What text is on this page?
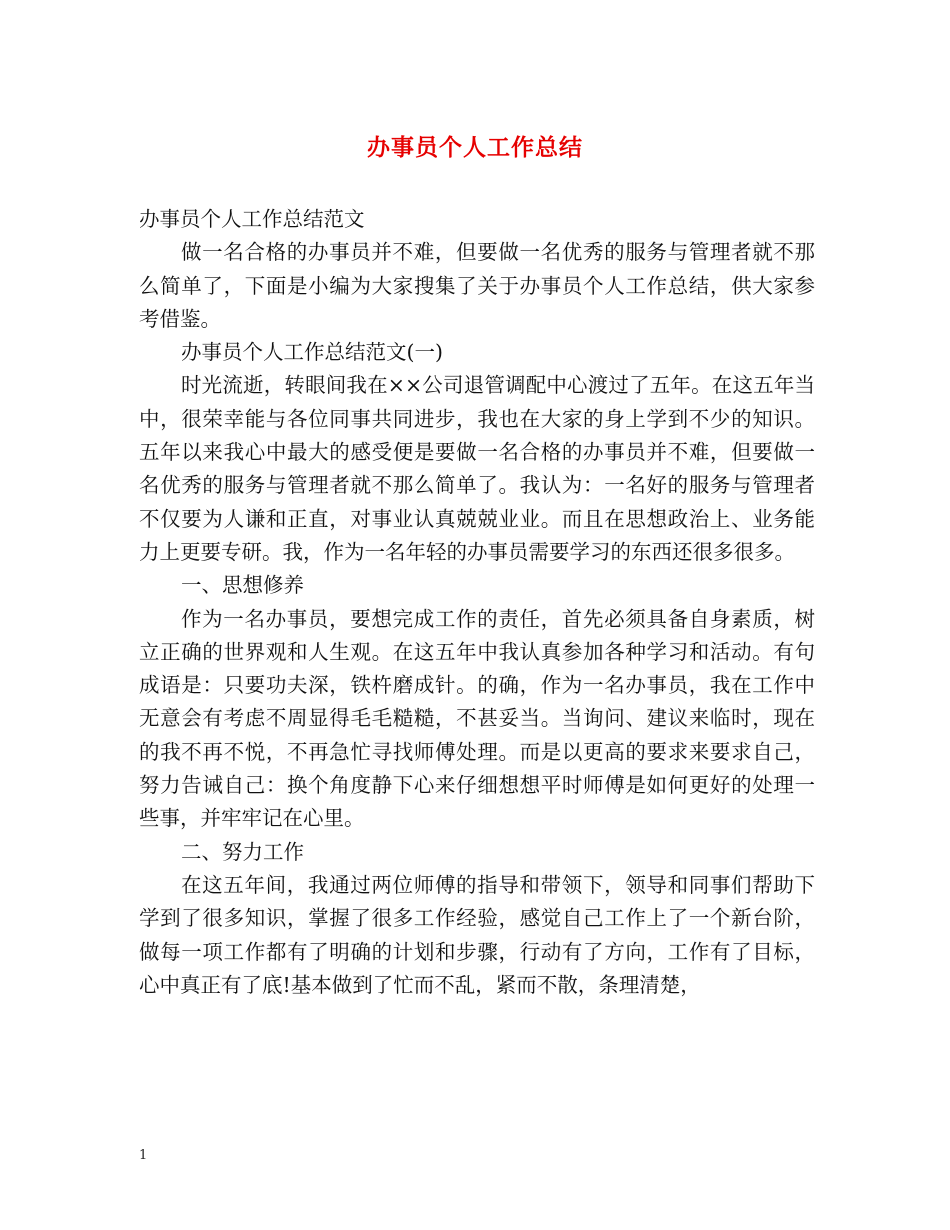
办事员个人工作总结

办事员个人工作总结范文

做一名合格的办事员并不难，但要做一名优秀的服务与管理者就不那么简单了，下面是小编为大家搜集了关于办事员个人工作总结，供大家参考借鉴。

办事员个人工作总结范文(一)

时光流逝，转眼间我在××公司退管调配中心渡过了五年。在这五年当中，很荣幸能与各位同事共同进步，我也在大家的身上学到不少的知识。五年以来我心中最大的感受便是要做一名合格的办事员并不难，但要做一名优秀的服务与管理者就不那么简单了。我认为：一名好的服务与管理者不仅要为人谦和正直，对事业认真兢兢业业。而且在思想政治上、业务能力上更要专研。我，作为一名年轻的办事员需要学习的东西还很多很多。

一、思想修养

作为一名办事员，要想完成工作的责任，首先必须具备自身素质，树立正确的世界观和人生观。在这五年中我认真参加各种学习和活动。有句成语是：只要功夫深，铁杵磨成针。的确，作为一名办事员，我在工作中无意会有考虑不周显得毛毛糙糙，不甚妥当。当询问、建议来临时，现在的我不再不悦，不再急忙寻找师傅处理。而是以更高的要求来要求自己，努力告诫自己：换个角度静下心来仔细想想平时师傅是如何更好的处理一些事，并牢牢记在心里。

二、努力工作

在这五年间，我通过两位师傅的指导和带领下，领导和同事们帮助下学到了很多知识，掌握了很多工作经验，感觉自己工作上了一个新台阶，做每一项工作都有了明确的计划和步骤，行动有了方向，工作有了目标，心中真正有了底!基本做到了忙而不乱，紧而不散，条理清楚，

1
